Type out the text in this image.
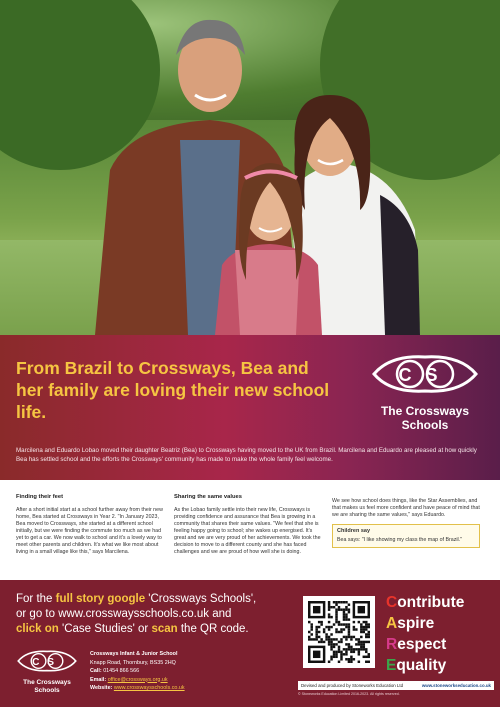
From Brazil to Crossways, Bea and her family are loving their new school life.
CS
The Crossways Schools
Marcilena and Eduardo Lobao moved their daughter Beatriz (Bea) to Crossways having moved to the UK from Brazil. Marcilena and Eduardo are pleased at how quickly Bea has settled school and the efforts the Crossways' community has made to make the whole family feel welcome.
Finding their feet

After a short initial start at a school further away from their new home, Bea started at Crossways in Year 2. "In January 2023, Bea moved to Crossways, she started at a different school initially, but we were finding the commute too much as we had yet to get a car. We now walk to school and it's a lovely way to meet other parents and children. It's what we like most about living in a small village like this," says Marcilena.

Sharing the same values

As the Lobao family settle into their new life, Crossways is providing confidence and assurance that Bea is growing in a community that shares their same values. "We feel that she is feeling happy going to school; she wakes up energised. It's great and we are very proud of her achievements. We took the decision to move to a different county and she has faced challenges and we are proud of how well she is doing.

We see how school does things, like the Star Assemblies, and that makes us feel more confident and have peace of mind that we are sharing the same values," says Eduardo.

Children say
Bea says: "I like showing my class the map of Brazil."
For the full story google 'Crossways Schools',
or go to www.crosswaysschools.co.uk and
click on 'Case Studies' or scan the QR code.
CS
The Crossways Schools
Crossways Infant & Junior School
Knapp Road, Thornbury, BS35 2HQ
Call: 01454 866 566
Email: office@crossways.org.uk
Website: www.crosswaysschools.co.uk
Contribute
Aspire
Respect
Equality
Devised and produced by Stoneworks Education Ltd	www.stoneworkseducation.co.uk
© Stoneworks Education Limited 2016-2023. All rights reserved.
